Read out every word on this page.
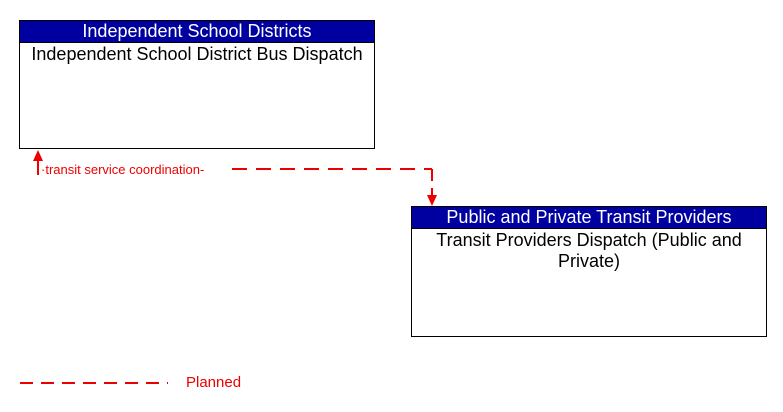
Independent School Districts
Independent School District Bus Dispatch
Public and Private Transit Providers
Transit Providers Dispatch (Public and Private)
·transit service coordination-
Planned
